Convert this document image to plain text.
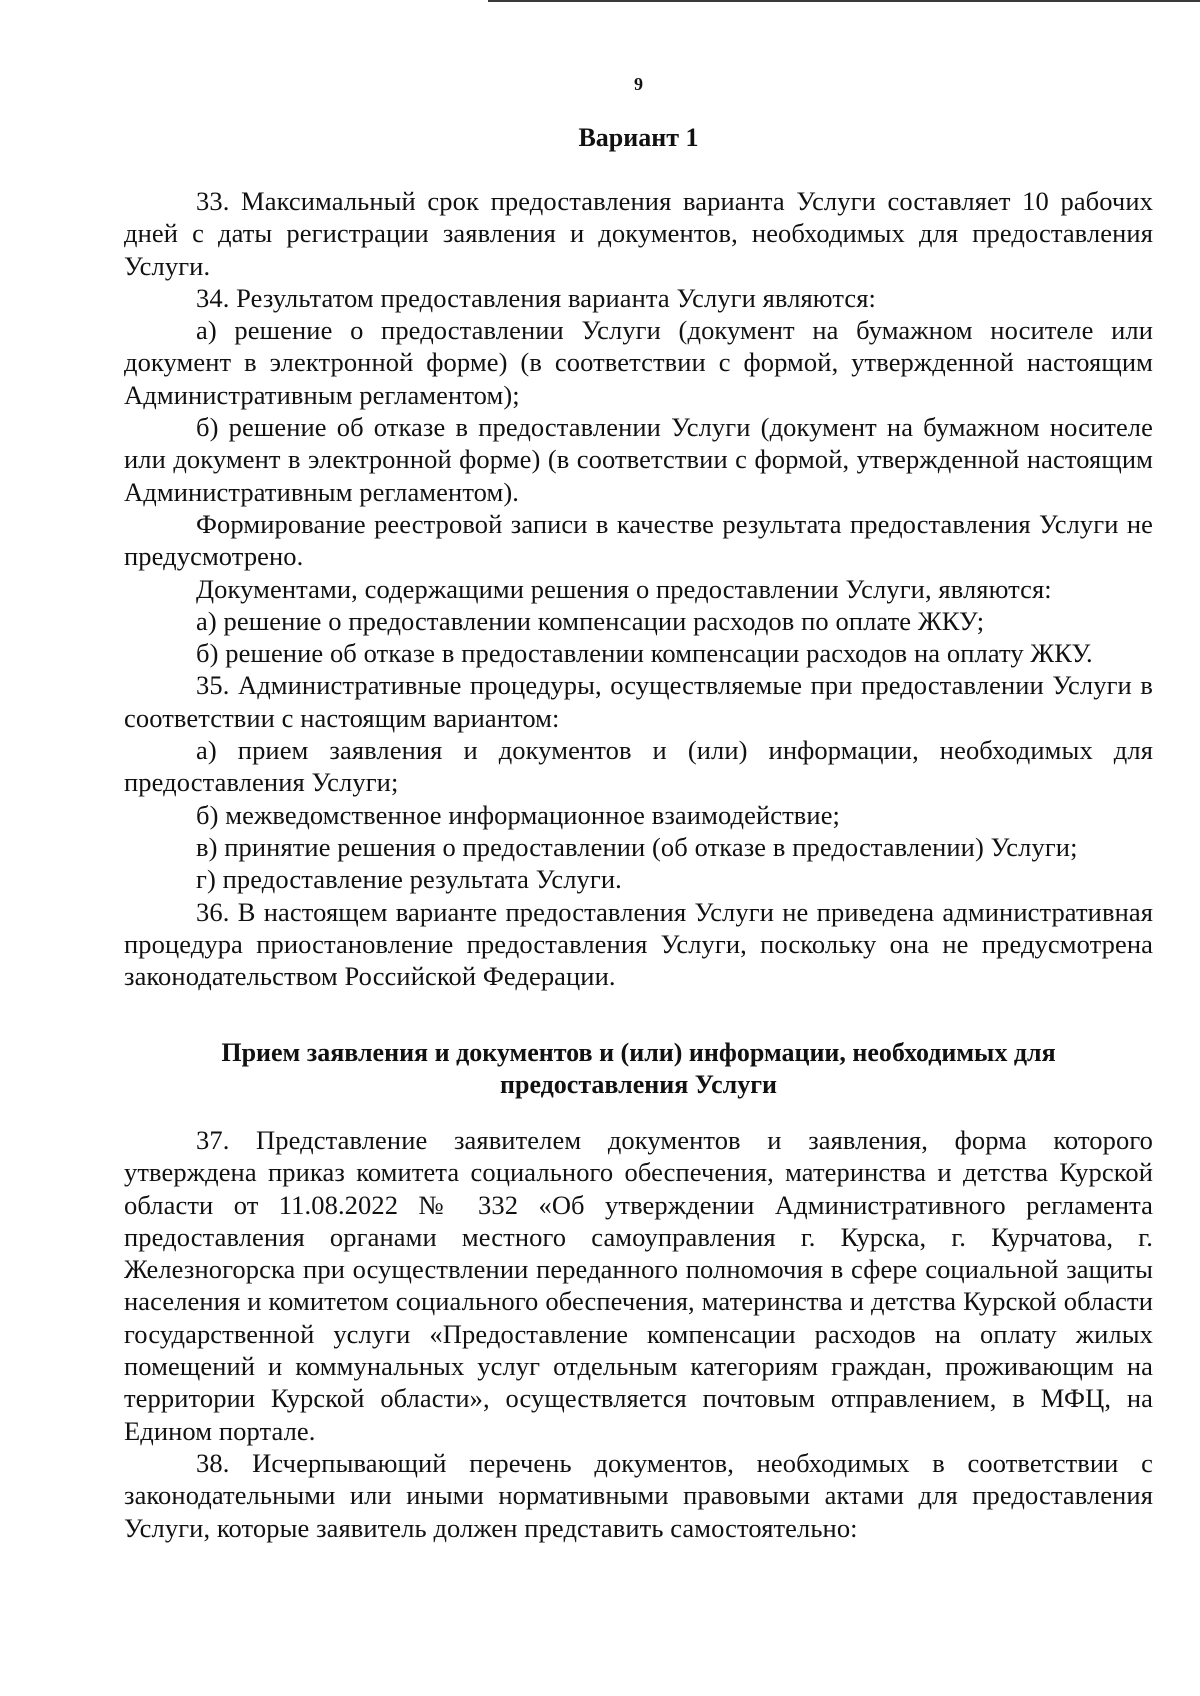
9
Вариант 1

33. Максимальный срок предоставления варианта Услуги составляет 10 рабочих дней с даты регистрации заявления и документов, необходимых для предоставления Услуги.

34. Результатом предоставления варианта Услуги являются:

а) решение о предоставлении Услуги (документ на бумажном носителе или документ в электронной форме) (в соответствии с формой, утвержденной настоящим Административным регламентом);

б) решение об отказе в предоставлении Услуги (документ на бумажном носителе или документ в электронной форме) (в соответствии с формой, утвержденной настоящим Административным регламентом).

Формирование реестровой записи в качестве результата предоставления Услуги не предусмотрено.

Документами, содержащими решения о предоставлении Услуги, являются:

а) решение о предоставлении компенсации расходов по оплате ЖКУ;

б) решение об отказе в предоставлении компенсации расходов на оплату ЖКУ.

35. Административные процедуры, осуществляемые при предоставлении Услуги в соответствии с настоящим вариантом:

а) прием заявления и документов и (или) информации, необходимых для предоставления Услуги;

б) межведомственное информационное взаимодействие;

в) принятие решения о предоставлении (об отказе в предоставлении) Услуги;

г) предоставление результата Услуги.

36. В настоящем варианте предоставления Услуги не приведена административная процедура приостановление предоставления Услуги, поскольку она не предусмотрена законодательством Российской Федерации.

Прием заявления и документов и (или) информации, необходимых для предоставления Услуги

37. Представление заявителем документов и заявления, форма которого утверждена приказ комитета социального обеспечения, материнства и детства Курской области от 11.08.2022 № 332 «Об утверждении Административного регламента предоставления органами местного самоуправления г. Курска, г. Курчатова, г. Железногорска при осуществлении переданного полномочия в сфере социальной защиты населения и комитетом социального обеспечения, материнства и детства Курской области государственной услуги «Предоставление компенсации расходов на оплату жилых помещений и коммунальных услуг отдельным категориям граждан, проживающим на территории Курской области», осуществляется почтовым отправлением, в МФЦ, на Едином портале.

38. Исчерпывающий перечень документов, необходимых в соответствии с законодательными или иными нормативными правовыми актами для предоставления Услуги, которые заявитель должен представить самостоятельно:
